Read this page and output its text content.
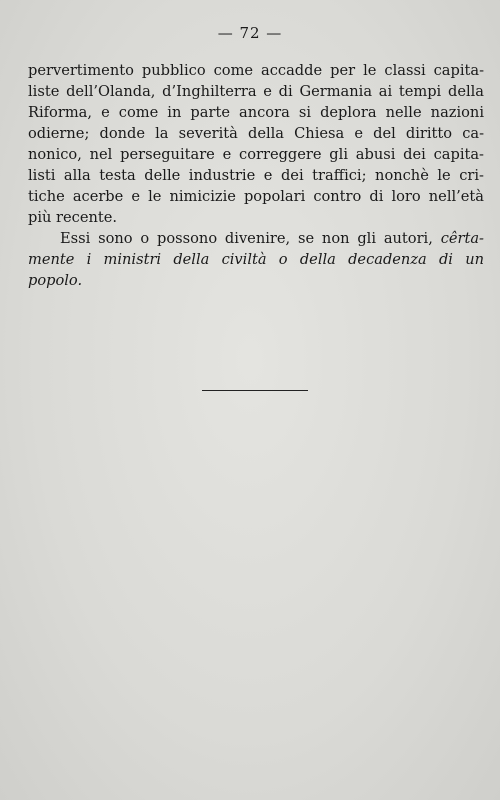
— 72 —
pervertimento pubblico come accadde per le classi capita-
liste dell’Olanda, d’Inghilterra e di Germania ai tempi della
Riforma, e come in parte ancora si deplora nelle nazioni
odierne; donde la severità della Chiesa e del diritto ca-
nonico, nel perseguitare e correggere gli abusi dei capita-
listi alla testa delle industrie e dei traffici; nonchè le cri-
tiche acerbe e le nimicizie popolari contro di loro nell’età
più recente.
Essi sono o possono divenire, se non gli autori, cêrta-
mente i ministri della civiltà o della decadenza di un
popolo.
